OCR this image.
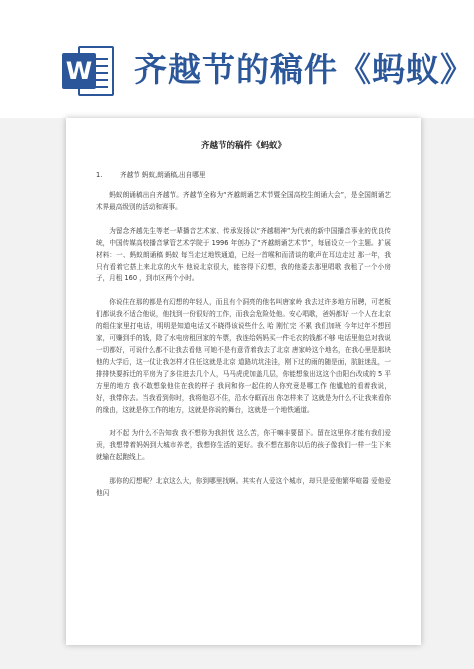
W 齐越节的稿件《蚂蚁》
齐越节的稿件《蚂蚁》
1.	齐越节 蚂蚁,朗诵稿,出自哪里

蚂蚁朗诵稿出自齐越节。齐越节全称为“齐越朗诵艺术节暨全国高校生朗诵大会”，是全国朗诵艺术界最高级别的活动和赛事。

为留念齐越先生等老一辈播音艺术家、传承发扬以“齐越精神”为代表的新中国播音事业的优良传统，中国传媒高校播音掌管艺术学院于 1996 年创办了“齐越朗诵艺术节”，每届设立一个主题。扩展材料：一、蚂蚁朗诵稿 蚂蚁 每当走过地铁通道，已经一首喉和而清谈的歌声在耳边走过 那一年，我只有看着它搭上来北京的火车 他说北京很大，能容得下幻想，我的他委去那里唱歌 我租了一个小房子，月租 160 ，到市区两个小时。

你说住在那的都是有幻想的年轻人，而且有个洞亮的他名叫唐家岭 我去过许多地方吊聘，可老板们都说我不适合他说，他找到一份很好的工作，而我会危险处他。安心唱歌，爸妈都好 一个人在北京的组住家里打电话，明明是知道电话又不晓得该说些什么 哈 刚忙完 不累 我们加班 今年过年不想回家，可赚到手的钱，除了水电房租回家的车票，我连给妈妈买一件毛衣的钱都不够 电话里他总对我说一切都好，可说什么都不让我去看他 可她不是有意背着我去了北京 唐家岭这个地名，在我心里是那块他的大学后，这一仗让我怎样才住任这就是北京 道路坑坑洼洼，刚下过的雨的随是面，肮脏迷乱，一排排快要拆迁的平房为了多住进去几个人，马马虎虎加盖几层，你能想象出这这个由阳台改成的 5 平方里的地方 我不敢想象他住在我的样子 我问和你一起住的人你究竟是哪工作 他尴尬的看着我说，好，我带你去。当我看到你时，我将他忍不住，沿水夺眶而出 你怎样来了 这就是为什么不让我来看你的缘由，这就是你工作的地方，这就是你说的舞台，这就是一个地铁通道。

对不起 为什么不告知我 我不想你为我担忧 这么苦，你干嘛非要留下。留在这里你才能有我们爱贡，我想带着妈妈到大城市养老，我想你生活的更好。我不想在那你以后的孩子像我们一样一生下来就输在起跑线上。

那你的幻想呢？北京这么大，你到哪里找啊。其实有人爱这个城市，却只是爱他繁华喧嚣 爱他爱他闪
